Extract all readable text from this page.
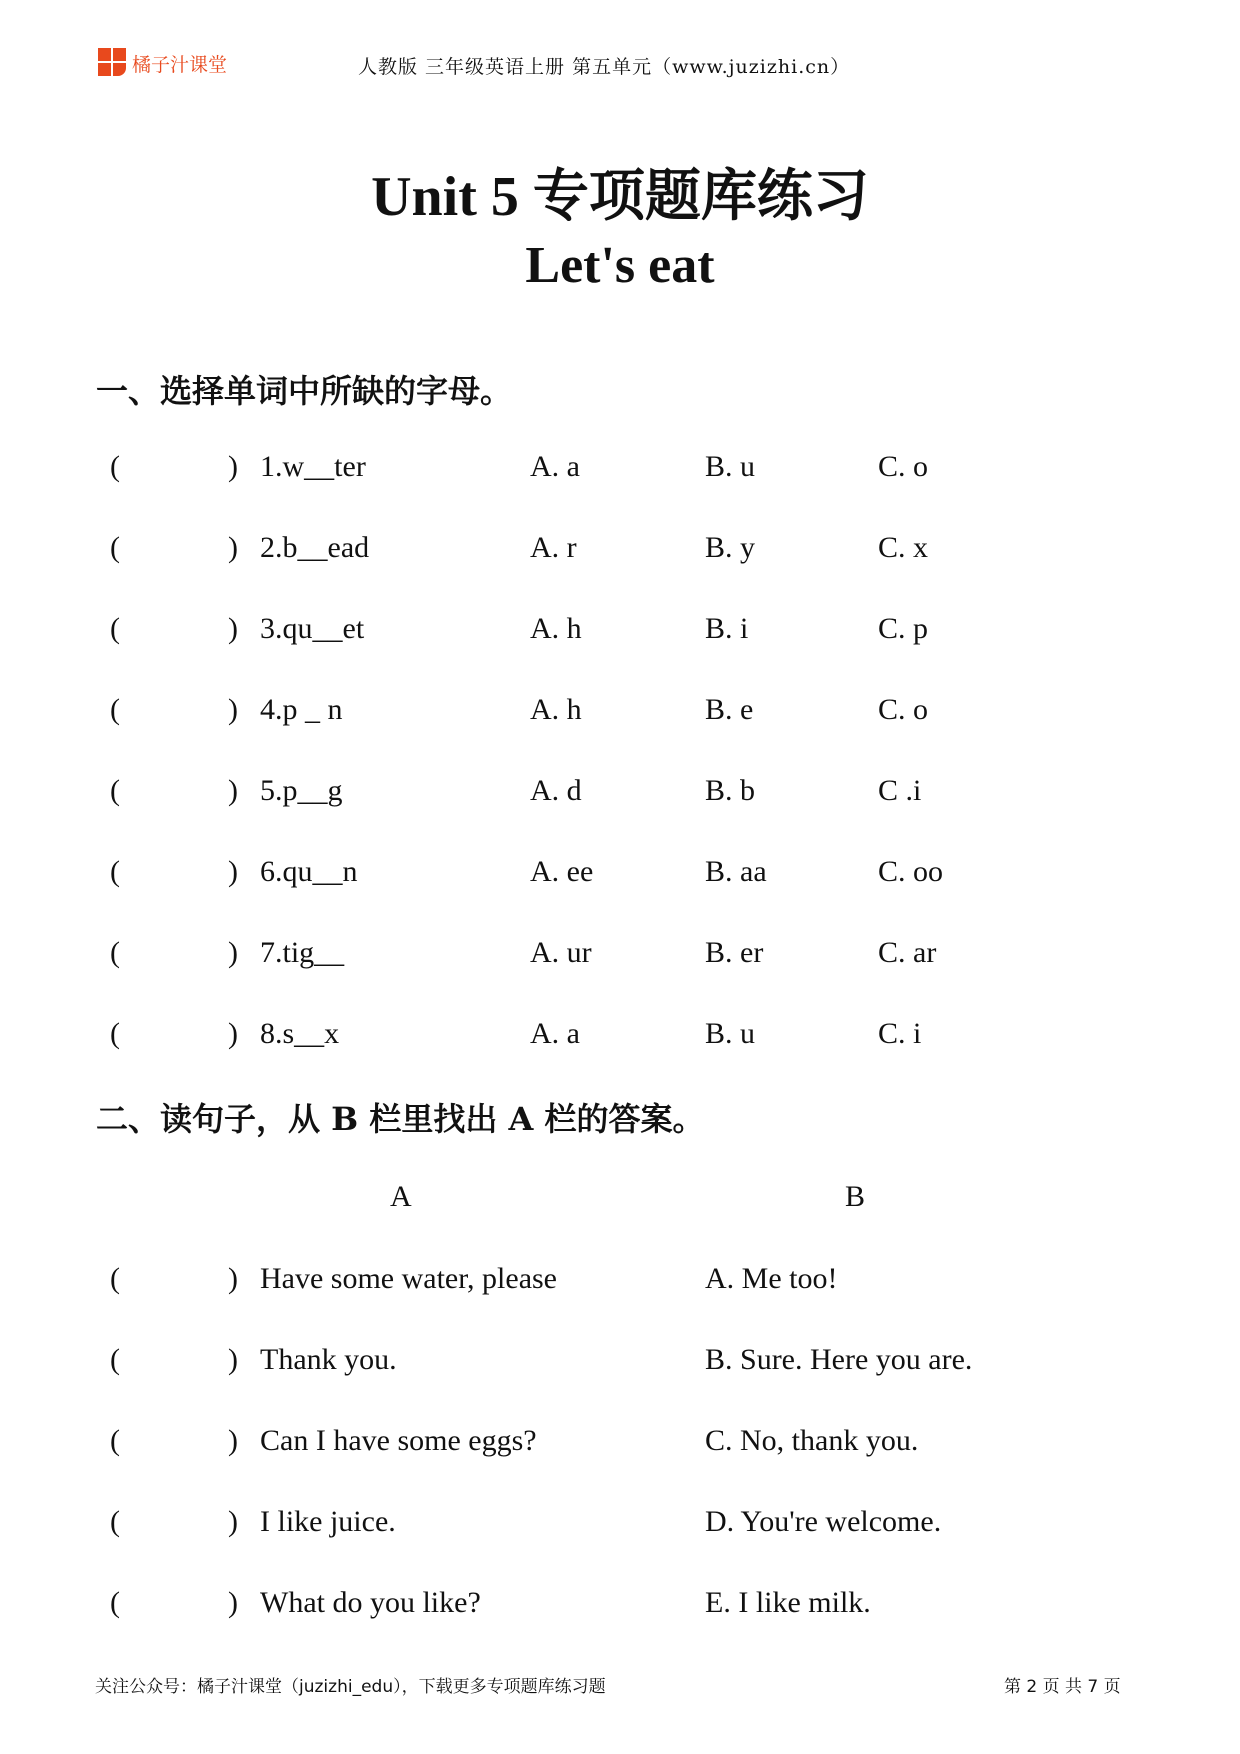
橘子汁课堂	人教版 三年级英语上册 第五单元（www.juzizhi.cn）
Unit 5 专项题库练习
Let's eat
一、选择单词中所缺的字母。
(	) 1.w__ter	A. a	B. u	C. o
(	) 2.b__ead	A. r	B. y	C. x
(	) 3.qu__et	A. h	B. i	C. p
(	) 4.p _ n	A. h	B. e	C. o
(	) 5.p__g	A. d	B. b	C .i
(	) 6.qu__n	A. ee	B. aa	C. oo
(	) 7.tig__	A. ur	B. er	C. ar
(	) 8.s__x	A. a	B. u	C. i
二、读句子，从 B 栏里找出 A 栏的答案。
A	B
(	) Have some water, please	A. Me too!
(	) Thank you.	B. Sure. Here you are.
(	) Can I have some eggs?	C. No, thank you.
(	) I like juice.	D. You're welcome.
(	) What do you like?	E. I like milk.
关注公众号：橘子汁课堂（juzizhi_edu），下载更多专项题库练习题	第 2 页 共 7 页
